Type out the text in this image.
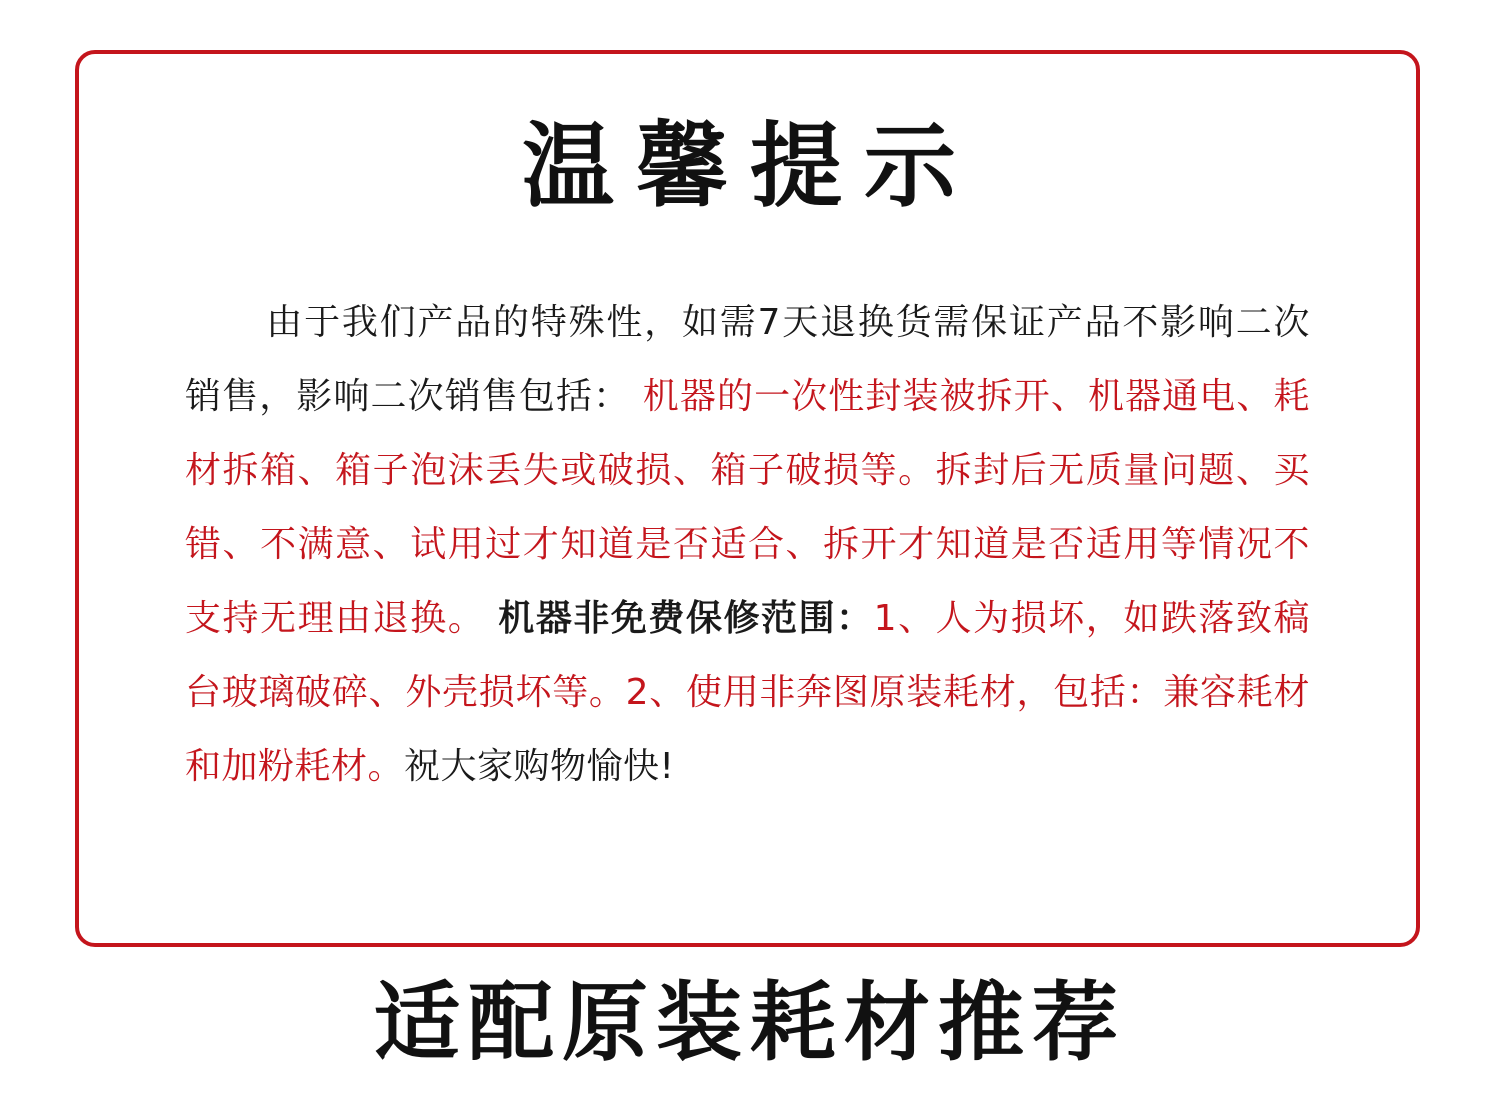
温馨提示
由于我们产品的特殊性，如需7天退换货需保证产品不影响二次销售，影响二次销售包括： 机器的一次性封装被拆开、机器通电、耗材拆箱、箱子泡沫丢失或破损、箱子破损等。拆封后无质量问题、买错、不满意、试用过才知道是否适合、拆开才知道是否适用等情况不支持无理由退换。 机器非免费保修范围：1、人为损坏，如跌落致稿台玻璃破碎、外壳损坏等。2、使用非奔图原装耗材，包括：兼容耗材和加粉耗材。祝大家购物愉快!
适配原装耗材推荐
